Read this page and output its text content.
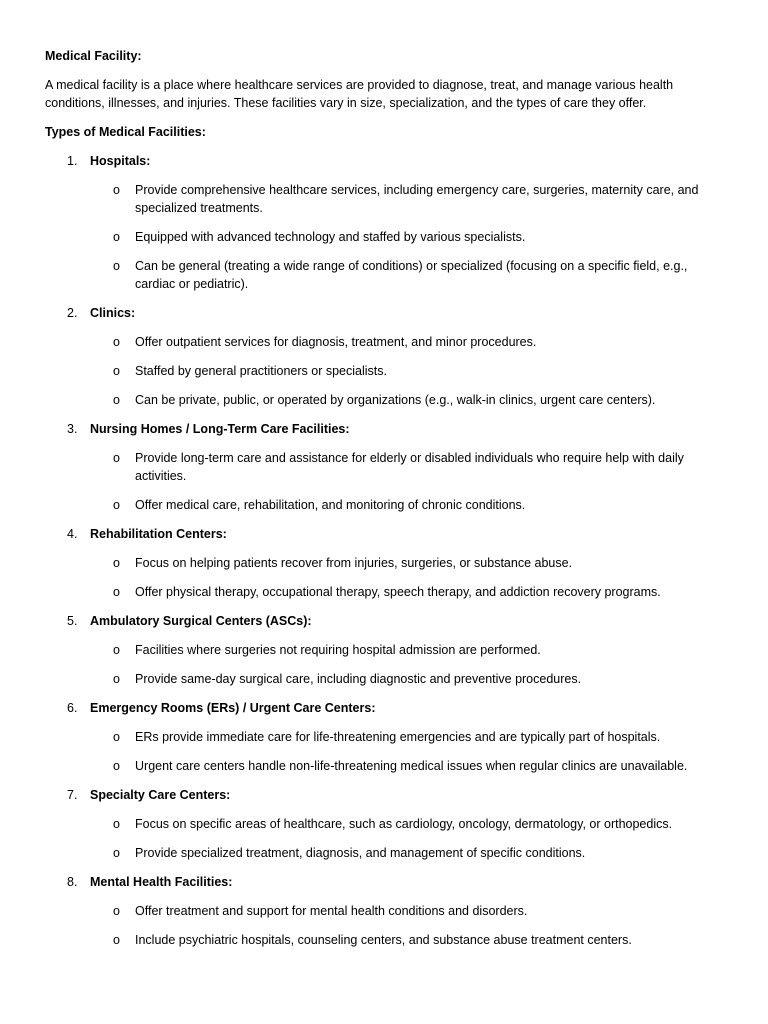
Medical Facility:
A medical facility is a place where healthcare services are provided to diagnose, treat, and manage various health conditions, illnesses, and injuries. These facilities vary in size, specialization, and the types of care they offer.
Types of Medical Facilities:
1. Hospitals:
o Provide comprehensive healthcare services, including emergency care, surgeries, maternity care, and specialized treatments.
o Equipped with advanced technology and staffed by various specialists.
o Can be general (treating a wide range of conditions) or specialized (focusing on a specific field, e.g., cardiac or pediatric).
2. Clinics:
o Offer outpatient services for diagnosis, treatment, and minor procedures.
o Staffed by general practitioners or specialists.
o Can be private, public, or operated by organizations (e.g., walk-in clinics, urgent care centers).
3. Nursing Homes / Long-Term Care Facilities:
o Provide long-term care and assistance for elderly or disabled individuals who require help with daily activities.
o Offer medical care, rehabilitation, and monitoring of chronic conditions.
4. Rehabilitation Centers:
o Focus on helping patients recover from injuries, surgeries, or substance abuse.
o Offer physical therapy, occupational therapy, speech therapy, and addiction recovery programs.
5. Ambulatory Surgical Centers (ASCs):
o Facilities where surgeries not requiring hospital admission are performed.
o Provide same-day surgical care, including diagnostic and preventive procedures.
6. Emergency Rooms (ERs) / Urgent Care Centers:
o ERs provide immediate care for life-threatening emergencies and are typically part of hospitals.
o Urgent care centers handle non-life-threatening medical issues when regular clinics are unavailable.
7. Specialty Care Centers:
o Focus on specific areas of healthcare, such as cardiology, oncology, dermatology, or orthopedics.
o Provide specialized treatment, diagnosis, and management of specific conditions.
8. Mental Health Facilities:
o Offer treatment and support for mental health conditions and disorders.
o Include psychiatric hospitals, counseling centers, and substance abuse treatment centers.
